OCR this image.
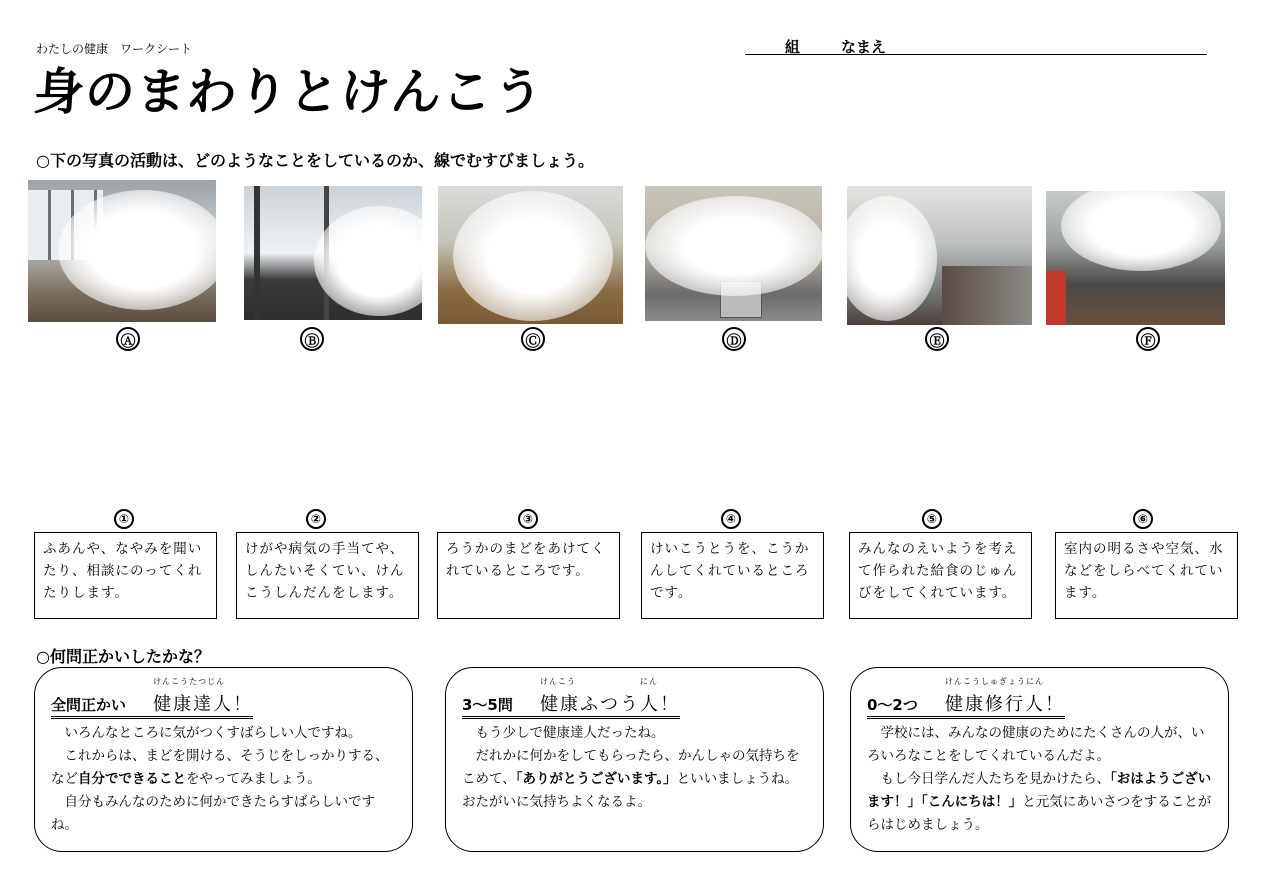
わたしの健康　ワークシート	組	なまえ
身のまわりとけんこう
○下の写真の活動は、どのようなことをしているのか、線でむすびましょう。
Ⓐ	Ⓑ	Ⓒ	Ⓓ	Ⓔ	Ⓕ
①	②	③	④	⑤	⑥
ふあんや、なやみを聞いたり、相談にのってくれたりします。
けがや病気の手当てや、しんたいそくてい、けんこうしんだんをします。
ろうかのまどをあけてくれているところです。
けいこうとうを、こうかんしてくれているところです。
みんなのえいようを考えて作られた給食のじゅんびをしてくれています。
室内の明るさや空気、水などをしらべてくれています。
○何問正かいしたかな？
全問正かい
けんこうたつじん
健康達人！

いろんなところに気がつくすばらしい人ですね。

これからは、まどを開ける、そうじをしっかりする、など自分でできることをやってみましょう。

自分もみんなのために何かできたらすばらしいですね。

3～5問
けんこう	にん
健康ふつう人！

もう少しで健康達人だったね。

だれかに何かをしてもらったら、かんしゃの気持ちをこめて、「ありがとうございます。」といいましょうね。おたがいに気持ちよくなるよ。

0～2つ
けんこうしゅぎょうにん
健康修行人！

学校には、みんなの健康のためにたくさんの人が、いろいろなことをしてくれているんだよ。

もし今日学んだ人たちを見かけたら、「おはようございます！」「こんにちは！」と元気にあいさつをすることがらはじめましょう。
